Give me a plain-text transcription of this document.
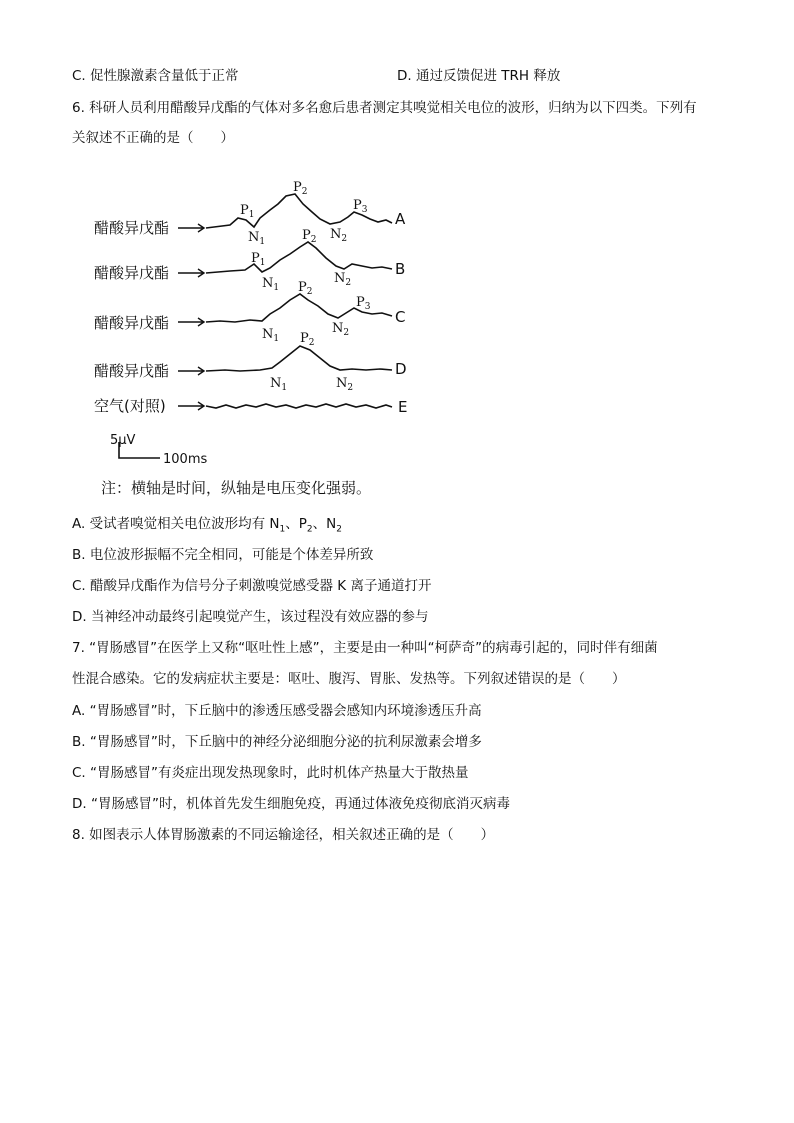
C. 促性腺激素含量低于正常	D. 通过反馈促进 TRH 释放
6. 科研人员利用醋酸异戊酯的气体对多名愈后患者测定其嗅觉相关电位的波形，归纳为以下四类。下列有
关叙述不正确的是（　　）
醋酸异戊酯	A
$P_1$
$P_2$
$P_3$
$N_1$	$N_2$
醋酸异戊酯	B
$P_1$
$P_2$
$N_1$
$N_2$
醋酸异戊酯	C
$P_2$
$P_3$
$N_1$
$N_2$
醋酸异戊酯	D
$P_2$
$N_1$	$N_2$
空气(对照)	E
5μV
100ms
注：横轴是时间，纵轴是电压变化强弱。
A. 受试者嗅觉相关电位波形均有 $N_1$、$P_2$、$N_2$
B. 电位波形振幅不完全相同，可能是个体差异所致
C. 醋酸异戊酯作为信号分子刺激嗅觉感受器 K 离子通道打开
D. 当神经冲动最终引起嗅觉产生，该过程没有效应器的参与
7. “胃肠感冒”在医学上又称“呕吐性上感”，主要是由一种叫“柯萨奇”的病毒引起的，同时伴有细菌
性混合感染。它的发病症状主要是：呕吐、腹泻、胃胀、发热等。下列叙述错误的是（　　）
A. “胃肠感冒”时，下丘脑中的渗透压感受器会感知内环境渗透压升高
B. “胃肠感冒”时，下丘脑中的神经分泌细胞分泌的抗利尿激素会增多
C. “胃肠感冒”有炎症出现发热现象时，此时机体产热量大于散热量
D. “胃肠感冒”时，机体首先发生细胞免疫，再通过体液免疫彻底消灭病毒
8. 如图表示人体胃肠激素的不同运输途径，相关叙述正确的是（　　）
